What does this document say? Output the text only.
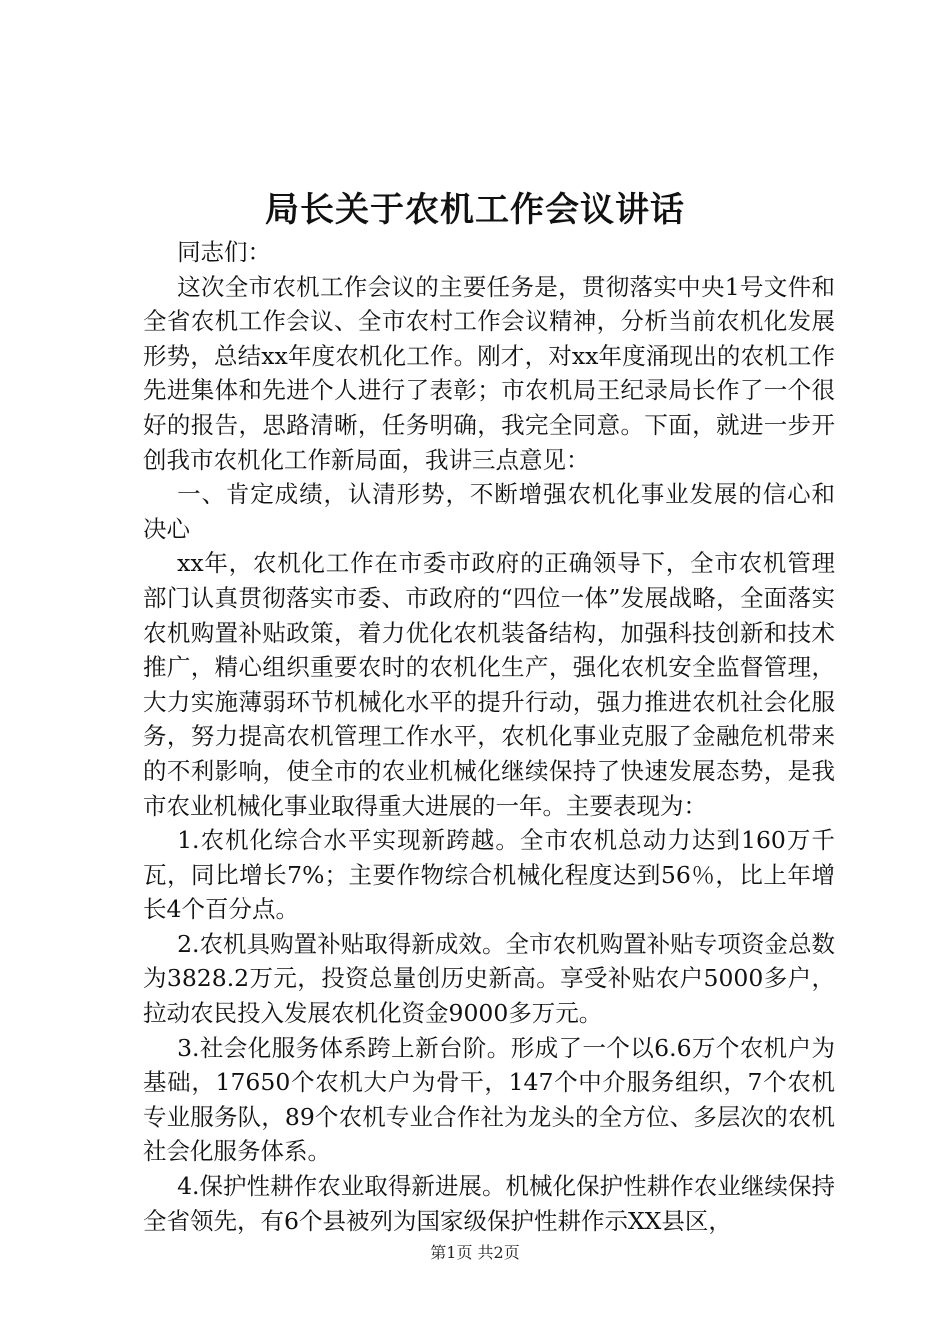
局长关于农机工作会议讲话

同志们：

这次全市农机工作会议的主要任务是，贯彻落实中央1号文件和全省农机工作会议、全市农村工作会议精神，分析当前农机化发展形势，总结xx年度农机化工作。刚才，对xx年度涌现出的农机工作先进集体和先进个人进行了表彰；市农机局王纪录局长作了一个很好的报告，思路清晰，任务明确，我完全同意。下面，就进一步开创我市农机化工作新局面，我讲三点意见：

一、肯定成绩，认清形势，不断增强农机化事业发展的信心和决心

xx年，农机化工作在市委市政府的正确领导下，全市农机管理部门认真贯彻落实市委、市政府的“四位一体”发展战略，全面落实农机购置补贴政策，着力优化农机装备结构，加强科技创新和技术推广，精心组织重要农时的农机化生产，强化农机安全监督管理，大力实施薄弱环节机械化水平的提升行动，强力推进农机社会化服务，努力提高农机管理工作水平，农机化事业克服了金融危机带来的不利影响，使全市的农业机械化继续保持了快速发展态势，是我市农业机械化事业取得重大进展的一年。主要表现为：

1.农机化综合水平实现新跨越。全市农机总动力达到160万千瓦，同比增长7%；主要作物综合机械化程度达到56％，比上年增长4个百分点。

2.农机具购置补贴取得新成效。全市农机购置补贴专项资金总数为3828.2万元，投资总量创历史新高。享受补贴农户5000多户，拉动农民投入发展农机化资金9000多万元。

3.社会化服务体系跨上新台阶。形成了一个以6.6万个农机户为基础，17650个农机大户为骨干，147个中介服务组织，7个农机专业服务队，89个农机专业合作社为龙头的全方位、多层次的农机社会化服务体系。

4.保护性耕作农业取得新进展。机械化保护性耕作农业继续保持全省领先，有6个县被列为国家级保护性耕作示XX县区，

第1页 共2页
